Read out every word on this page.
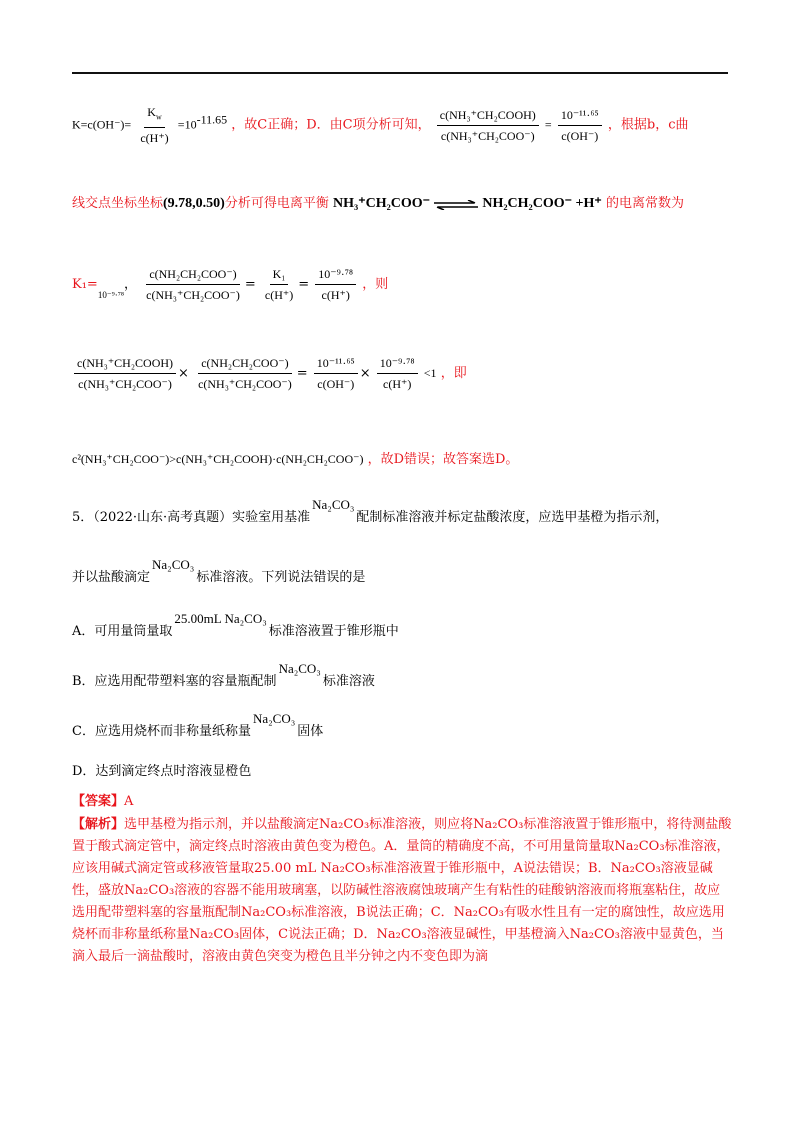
$K=c(OH^-)= \frac{K_w}{c(H^+)} =10^{-11.65}$ ，故C正确；D．由C项分析可知， $\frac{\text{c(NH₃⁺CH₂COOH)}}{\text{c(NH₃⁺CH₂COO⁻)}} = \frac{\text{10⁻¹¹·⁶⁵}}{c(OH^-)}$ ，根据b，c曲
线交点坐标坐标(9.78,0.50)分析可得电离平衡 NH₃⁺CH₂COO⁻ ⇌ NH₂CH₂COO⁻ +H⁺ 的电离常数为
$K_1=_{10^{-9}\cdot^{78}}$， $\frac{\text{c(NH₂CH₂COO⁻)}}{\text{c(NH₃⁺CH₂COO⁻)}} = \frac{\text{K₁}}{c(H^+)} = \frac{\text{10⁻⁹·⁷⁸}}{c(H^+)}$ ，则
$\frac{\text{c(NH₃⁺CH₂COOH)}}{\text{c(NH₃⁺CH₂COO⁻)}} \times \frac{\text{c(NH₂CH₂COO⁻)}}{\text{c(NH₃⁺CH₂COO⁻)}} = \frac{\text{10⁻¹¹·⁶⁵}}{c(OH^-)} \times \frac{\text{10⁻⁹·⁷⁸}}{c(H^+)} <1$ ，即
c²(NH₃⁺CH₂COO⁻)>c(NH₃⁺CH₂COOH)·c(NH₂CH₂COO⁻) ，故D错误；故答案选D。
5．（2022·山东·高考真题）实验室用基准Na₂CO₃配制标准溶液并标定盐酸浓度，应选甲基橙为指示剂，
并以盐酸滴定Na₂CO₃标准溶液。下列说法错误的是
A．可用量筒量取25.00mL Na₂CO₃标准溶液置于锥形瓶中
B．应选用配带塑料塞的容量瓶配制Na₂CO₃标准溶液
C．应选用烧杯而非称量纸称量Na₂CO₃固体
D．达到滴定终点时溶液显橙色
【答案】A
【解析】选甲基橙为指示剂，并以盐酸滴定Na₂CO₃标准溶液，则应将Na₂CO₃标准溶液置于锥形瓶中，将待测盐酸置于酸式滴定管中，滴定终点时溶液由黄色变为橙色。A．量筒的精确度不高，不可用量筒量取Na₂CO₃标准溶液，应该用碱式滴定管或移液管量取25.00 mL Na₂CO₃标准溶液置于锥形瓶中，A说法错误；B．Na₂CO₃溶液显碱性，盛放Na₂CO₃溶液的容器不能用玻璃塞，以防碱性溶液腐蚀玻璃产生有粘性的硅酸钠溶液而将瓶塞粘住，故应选用配带塑料塞的容量瓶配制Na₂CO₃标准溶液，B说法正确；C．Na₂CO₃有吸水性且有一定的腐蚀性，故应选用烧杯而非称量纸称量Na₂CO₃固体，C说法正确；D．Na₂CO₃溶液显碱性，甲基橙滴入Na₂CO₃溶液中显黄色，当滴入最后一滴盐酸时，溶液由黄色突变为橙色且半分钟之内不变色即为滴
